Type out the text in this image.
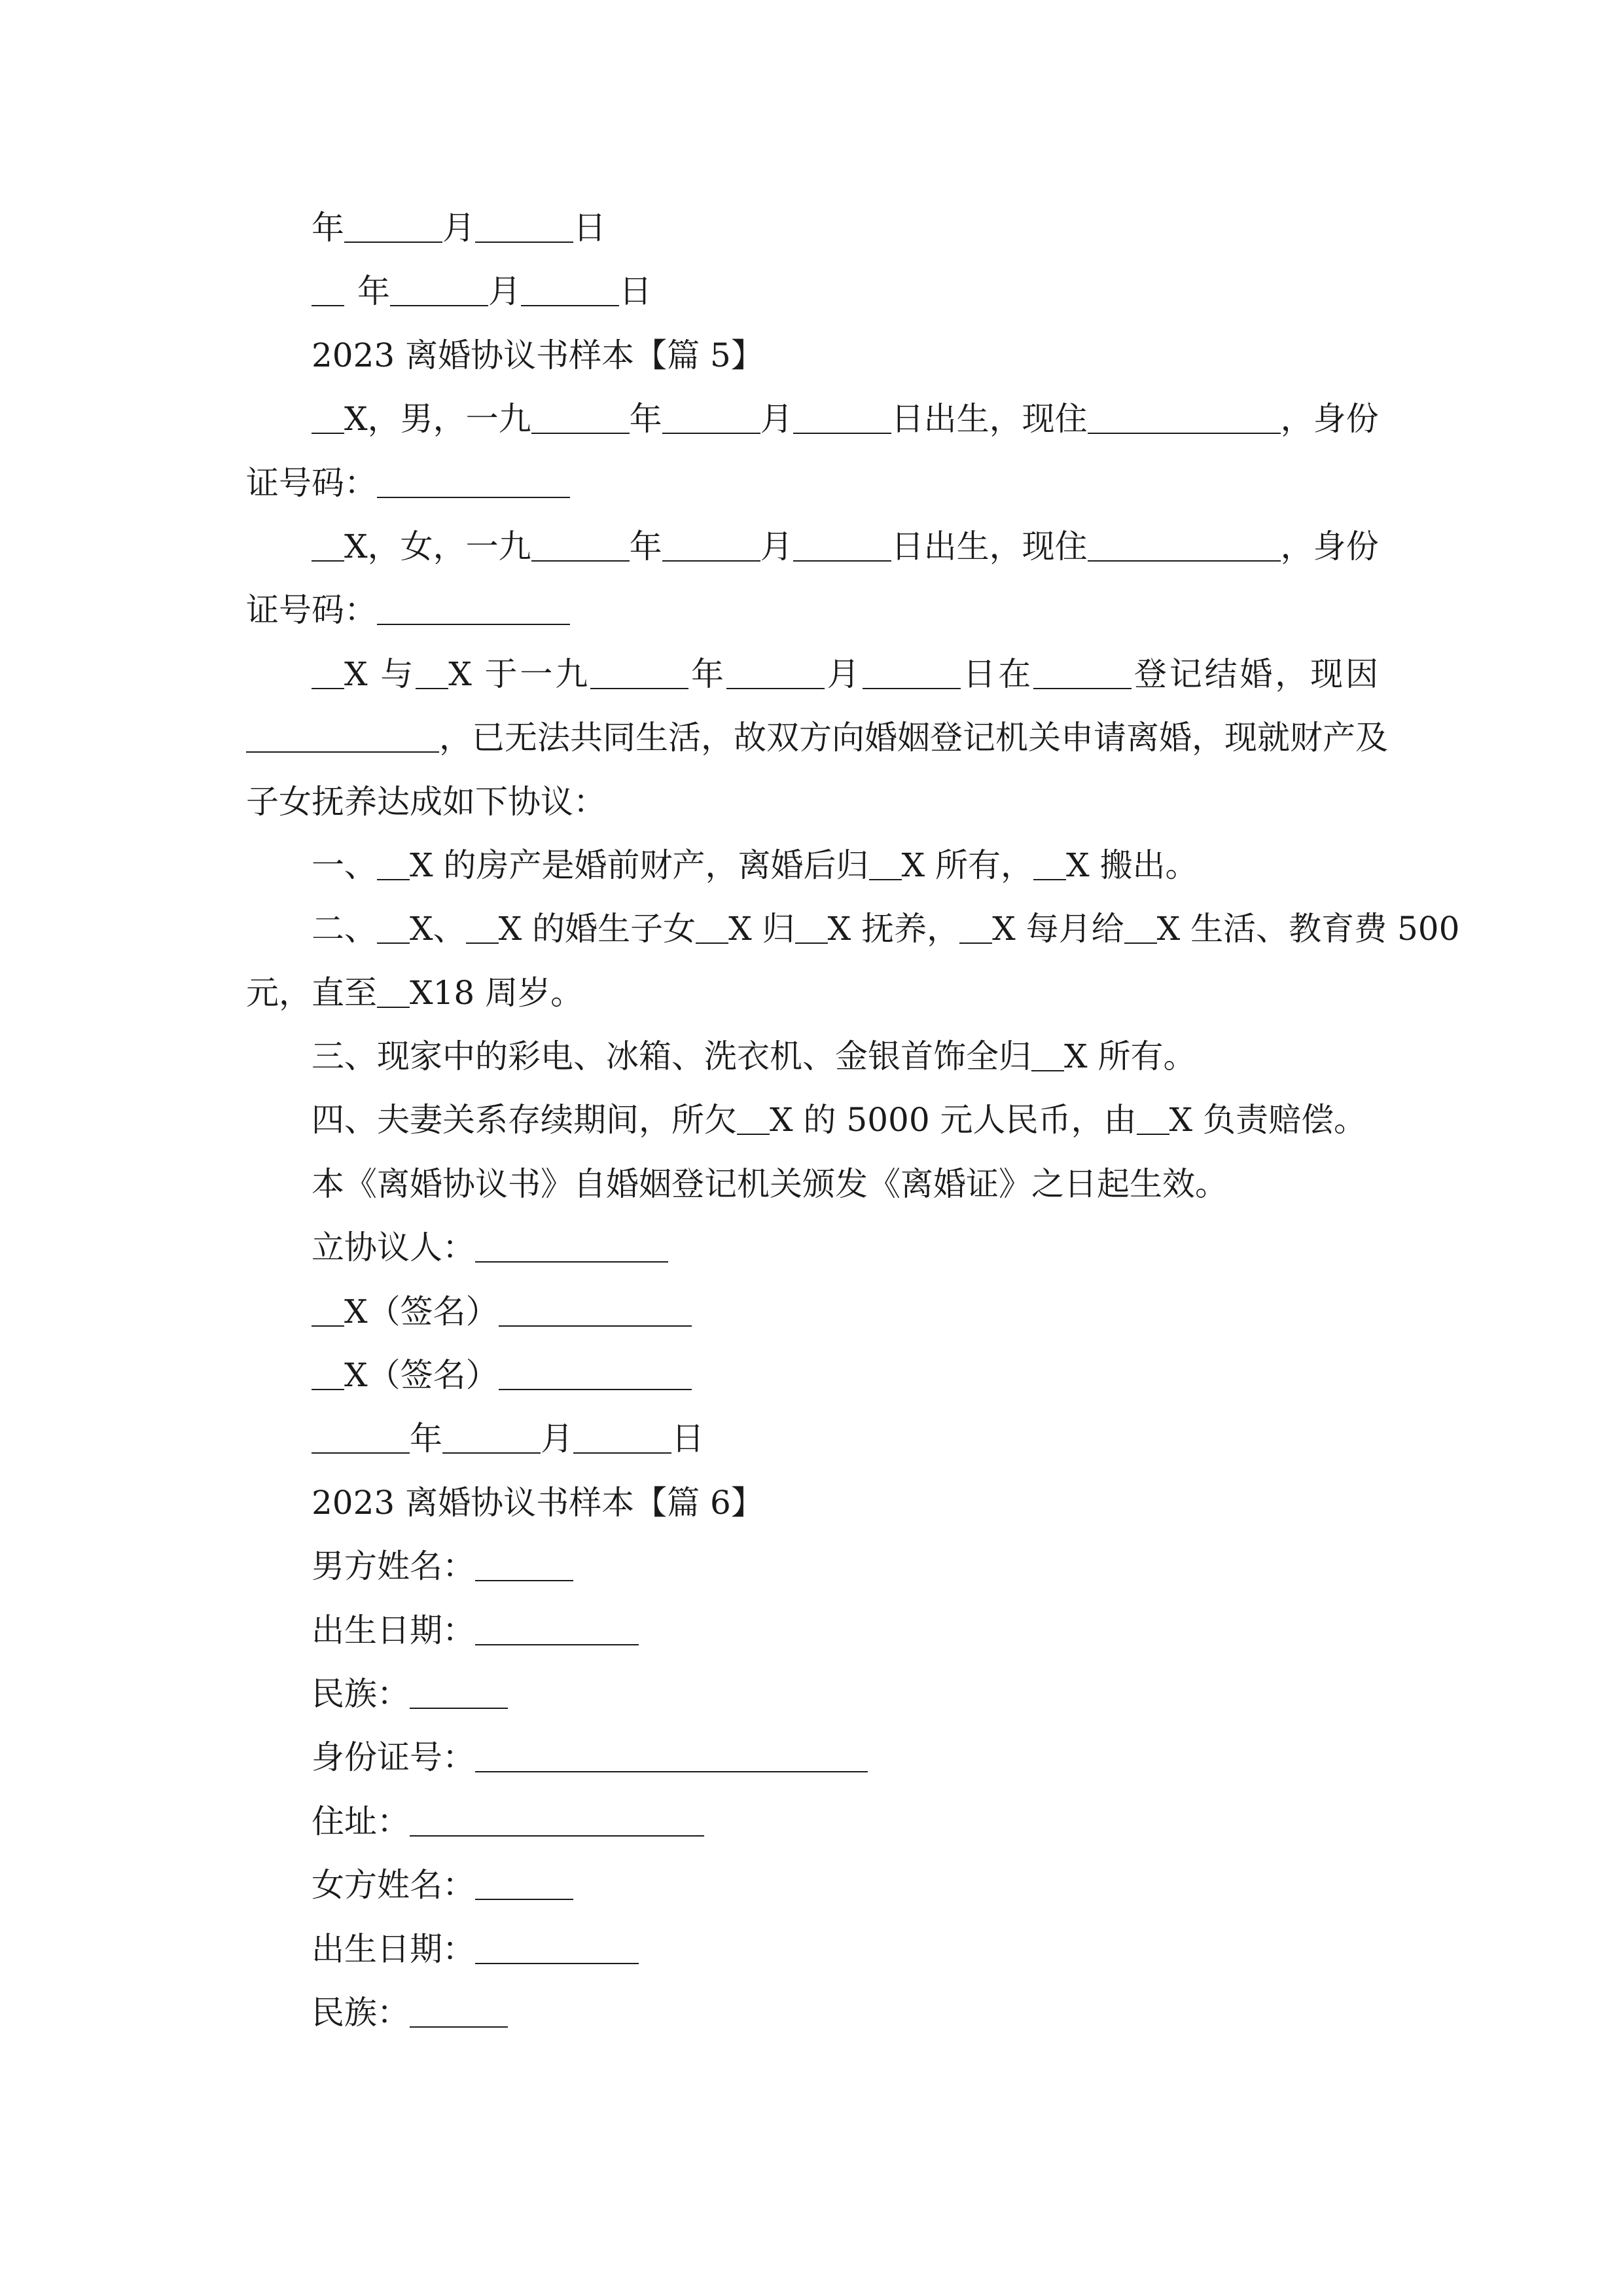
年	月	日
年	月	日
2023 离婚协议书样本【篇 5】
X，男，一九	年	月	日出生，现住	，身份
证号码：
X，女，一九	年	月	日出生，现住	，身份
证号码：
X 与 X 于一九	年	月	日在	登记结婚，现因
，已无法共同生活，故双方向婚姻登记机关申请离婚，现就财产及
子女抚养达成如下协议：
一、 X 的房产是婚前财产，离婚后归 X 所有， X 搬出。
二、 X、 X 的婚生子女 X 归 X 抚养， X 每月给 X 生活、教育费 500
元，直至 X18 周岁。
三、现家中的彩电、冰箱、洗衣机、金银首饰全归 X 所有。
四、夫妻关系存续期间，所欠 X 的 5000 元人民币，由 X 负责赔偿。
本《离婚协议书》自婚姻登记机关颁发《离婚证》之日起生效。
立协议人：
X（签名）
X（签名）
年	月	日
2023 离婚协议书样本【篇 6】
男方姓名：
出生日期：
民族：
身份证号：
住址：
女方姓名：
出生日期：
民族：
